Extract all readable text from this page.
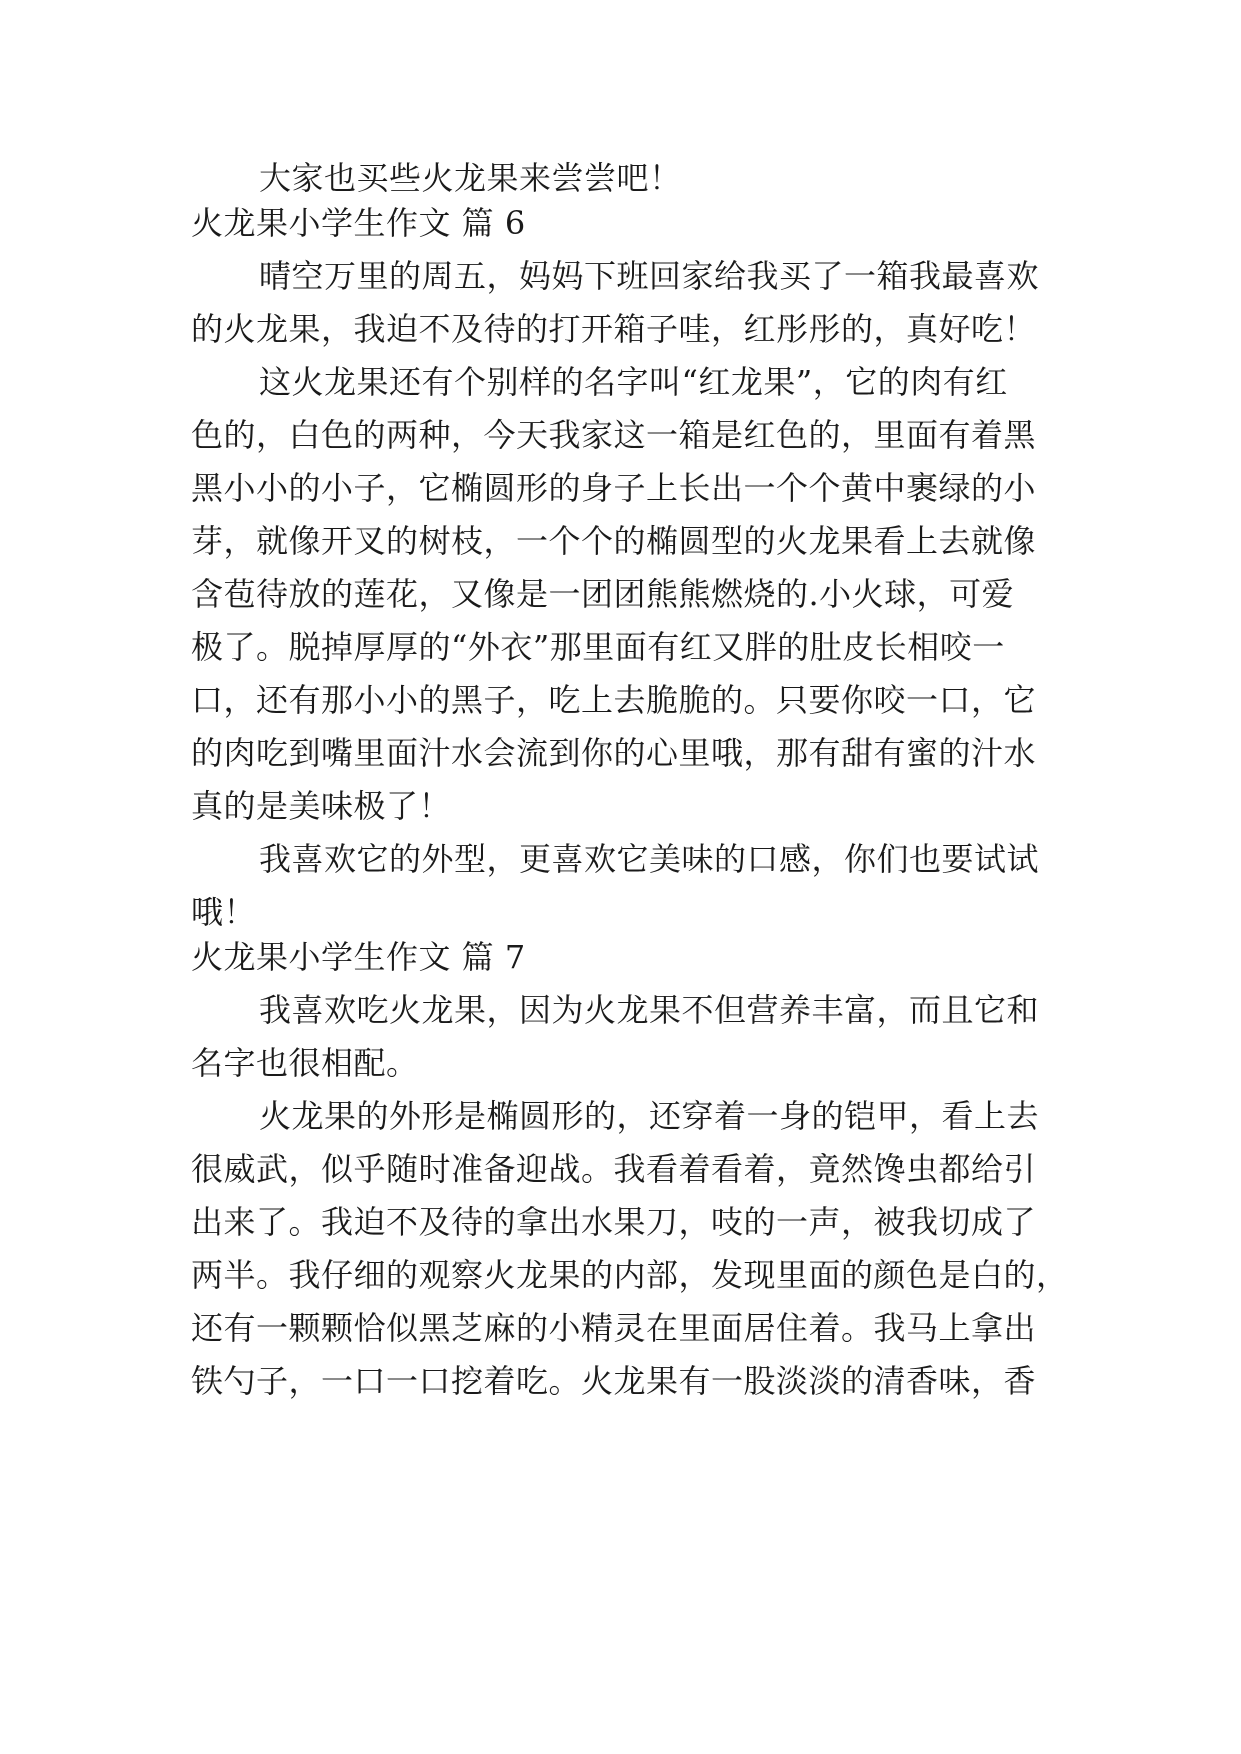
大家也买些火龙果来尝尝吧！
火龙果小学生作文 篇 6
晴空万里的周五，妈妈下班回家给我买了一箱我最喜欢
的火龙果，我迫不及待的打开箱子哇，红彤彤的，真好吃！
这火龙果还有个别样的名字叫“红龙果”，它的肉有红
色的，白色的两种，今天我家这一箱是红色的，里面有着黑
黑小小的小子，它椭圆形的身子上长出一个个黄中裹绿的小
芽，就像开叉的树枝，一个个的椭圆型的火龙果看上去就像
含苞待放的莲花，又像是一团团熊熊燃烧的.小火球，可爱
极了。脱掉厚厚的“外衣”那里面有红又胖的肚皮长相咬一
口，还有那小小的黑子，吃上去脆脆的。只要你咬一口，它
的肉吃到嘴里面汁水会流到你的心里哦，那有甜有蜜的汁水
真的是美味极了！
我喜欢它的外型，更喜欢它美味的口感，你们也要试试
哦！
火龙果小学生作文 篇 7
我喜欢吃火龙果，因为火龙果不但营养丰富，而且它和
名字也很相配。
火龙果的外形是椭圆形的，还穿着一身的铠甲，看上去
很威武，似乎随时准备迎战。我看着看着，竟然馋虫都给引
出来了。我迫不及待的拿出水果刀，吱的一声，被我切成了
两半。我仔细的观察火龙果的内部，发现里面的颜色是白的，
还有一颗颗恰似黑芝麻的小精灵在里面居住着。我马上拿出
铁勺子，一口一口挖着吃。火龙果有一股淡淡的清香味，香
